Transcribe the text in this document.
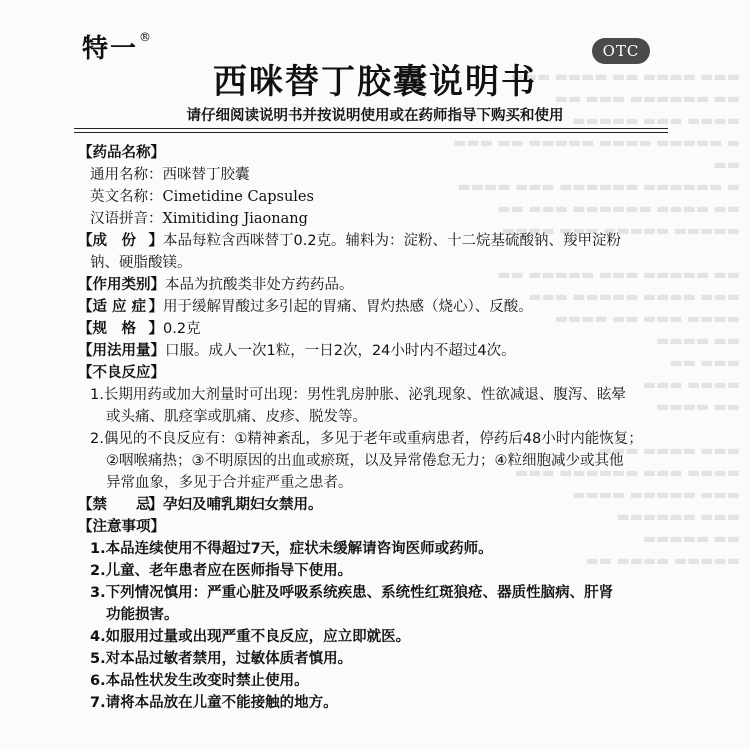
▬▬▬ ▬▬▬▬ ▬▬ ▬▬▬▬ ▬▬▬
▬▬ ▬▬▬▬▬▬ ▬▬▬ ▬▬
▬▬▬▬ ▬▬▬ ▬▬▬▬▬
▬ ▬▬▬▬▬ ▬▬▬▬ ▬▬▬▬▬ ▬▬ ▬▬▬
▬▬
▬ ▬▬▬▬▬▬ ▬▬▬▬▬▬ ▬▬▬ ▬▬▬▬
▬▬ ▬▬▬▬ ▬▬▬▬▬▬ ▬▬▬ ▬▬
▬▬▬▬▬ ▬▬▬▬▬ ▬▬▬ ▬▬▬▬

▬▬ ▬▬▬▬▬ ▬▬▬ ▬▬▬▬▬ ▬▬
▬▬▬ ▬▬▬▬ ▬▬▬▬▬ ▬▬▬
▬▬▬▬ ▬▬▬ ▬▬ ▬▬▬▬
▬▬ ▬▬▬▬
▬▬▬ ▬▬
▬▬▬▬ ▬▬▬
▬▬ ▬▬▬▬

▬▬▬ ▬▬▬▬ ▬▬▬
▬▬▬▬ ▬▬▬ ▬▬▬▬▬▬ ▬▬▬
▬▬▬ ▬▬▬▬▬ ▬▬▬▬
▬▬▬ ▬▬▬▬▬▬
▬▬ ▬▬▬▬▬
▬▬▬▬▬ ▬▬▬▬ ▬▬
特一®
OTC
西咪替丁胶囊说明书
请仔细阅读说明书并按说明使用或在药师指导下购买和使用
【药品名称】
通用名称：西咪替丁胶囊
英文名称：Cimetidine Capsules
汉语拼音：Ximitiding Jiaonang
【成　份 】本品每粒含西咪替丁0.2克。辅料为：淀粉、十二烷基硫酸钠、羧甲淀粉
钠、硬脂酸镁。
【作用类别】本品为抗酸类非处方药药品。
【适 应 症 】用于缓解胃酸过多引起的胃痛、胃灼热感（烧心）、反酸。
【规　格 】0.2克
【用法用量】口服。成人一次1粒，一日2次，24小时内不超过4次。
【不良反应】
1.长期用药或加大剂量时可出现：男性乳房肿胀、泌乳现象、性欲减退、腹泻、眩晕
或头痛、肌痉挛或肌痛、皮疹、脱发等。
2.偶见的不良反应有：①精神紊乱，多见于老年或重病患者，停药后48小时内能恢复；
②咽喉痛热；③不明原因的出血或瘀斑，以及异常倦怠无力；④粒细胞减少或其他
异常血象，多见于合并症严重之患者。
【禁　　忌】孕妇及哺乳期妇女禁用。
【注意事项】
1.本品连续使用不得超过7天，症状未缓解请咨询医师或药师。
2.儿童、老年患者应在医师指导下使用。
3.下列情况慎用：严重心脏及呼吸系统疾患、系统性红斑狼疮、器质性脑病、肝肾
功能损害。
4.如服用过量或出现严重不良反应，应立即就医。
5.对本品过敏者禁用，过敏体质者慎用。
6.本品性状发生改变时禁止使用。
7.请将本品放在儿童不能接触的地方。
